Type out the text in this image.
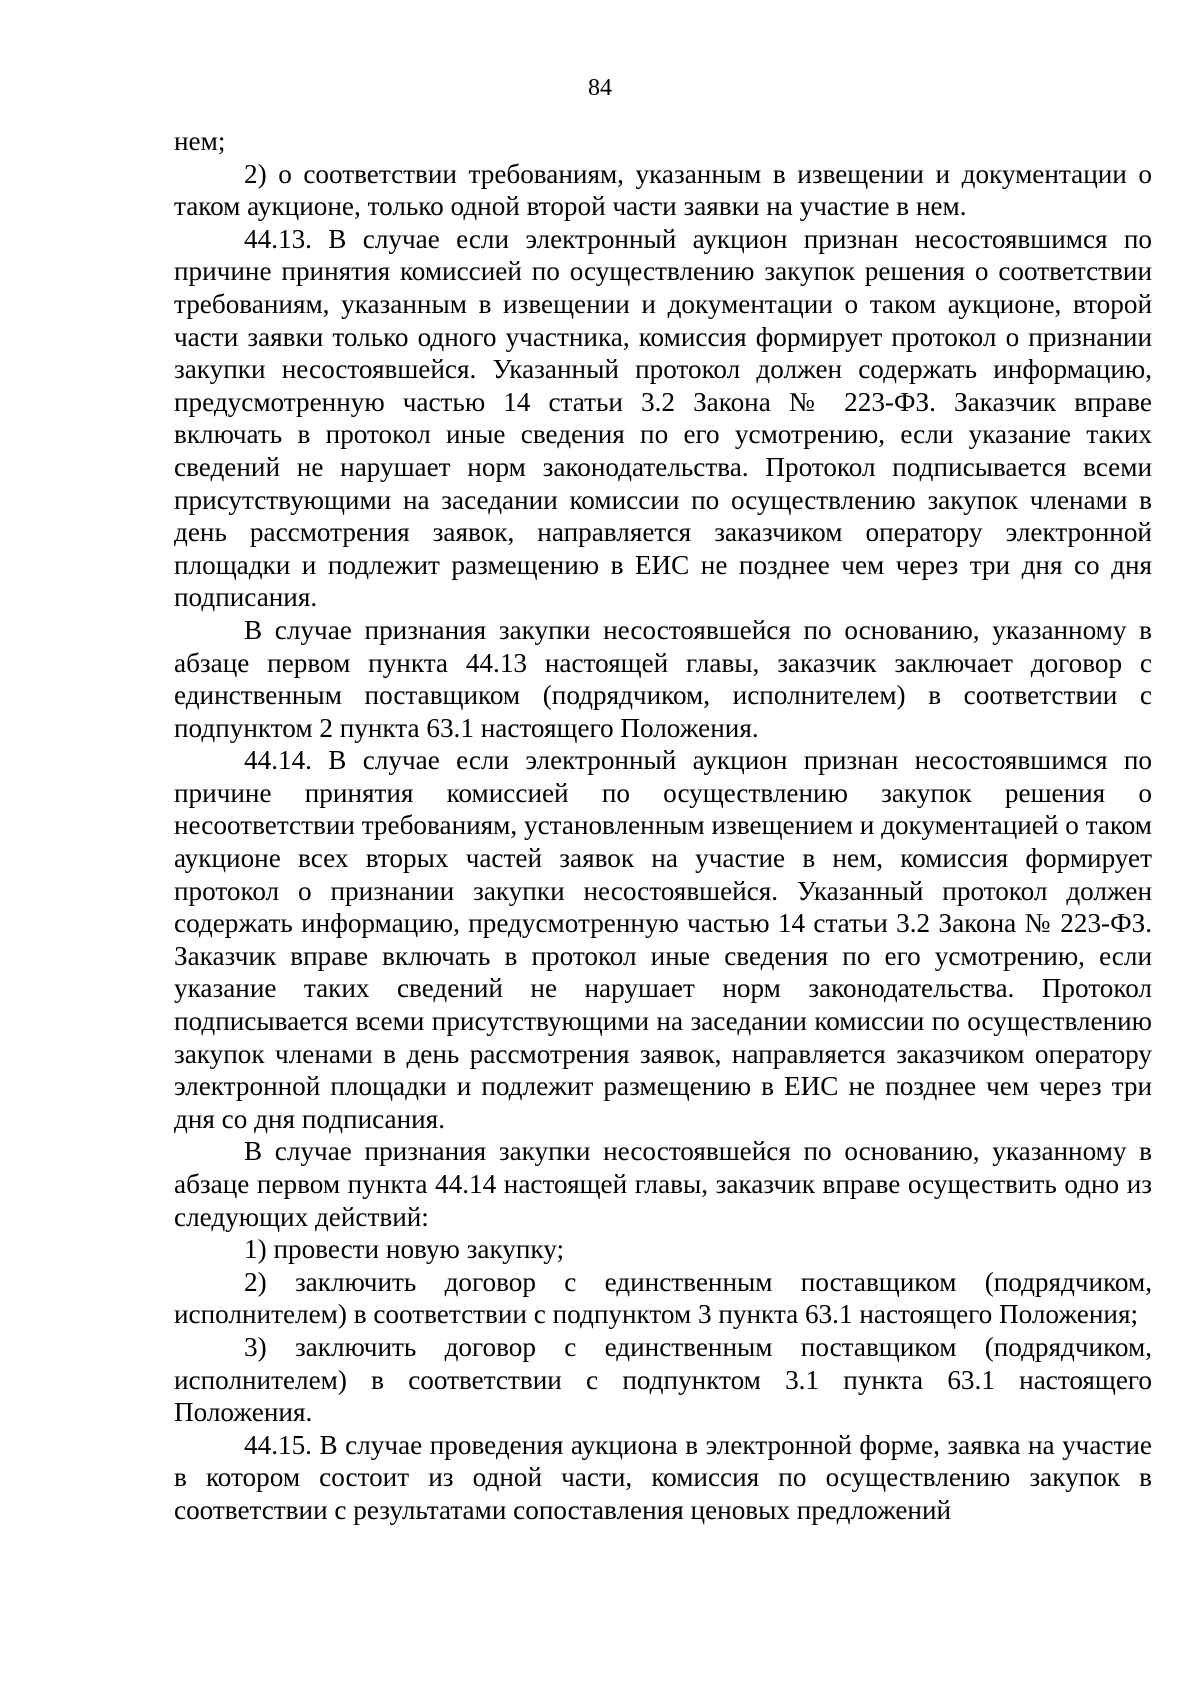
84

нем;

2) о соответствии требованиям, указанным в извещении и документации о таком аукционе, только одной второй части заявки на участие в нем.

44.13. В случае если электронный аукцион признан несостоявшимся по причине принятия комиссией по осуществлению закупок решения о соответствии требованиям, указанным в извещении и документации о таком аукционе, второй части заявки только одного участника, комиссия формирует протокол о признании закупки несостоявшейся. Указанный протокол должен содержать информацию, предусмотренную частью 14 статьи 3.2 Закона № 223-ФЗ. Заказчик вправе включать в протокол иные сведения по его усмотрению, если указание таких сведений не нарушает норм законодательства. Протокол подписывается всеми присутствующими на заседании комиссии по осуществлению закупок членами в день рассмотрения заявок, направляется заказчиком оператору электронной площадки и подлежит размещению в ЕИС не позднее чем через три дня со дня подписания.

В случае признания закупки несостоявшейся по основанию, указанному в абзаце первом пункта 44.13 настоящей главы, заказчик заключает договор с единственным поставщиком (подрядчиком, исполнителем) в соответствии с подпунктом 2 пункта 63.1 настоящего Положения.

44.14. В случае если электронный аукцион признан несостоявшимся по причине принятия комиссией по осуществлению закупок решения о несоответствии требованиям, установленным извещением и документацией о таком аукционе всех вторых частей заявок на участие в нем, комиссия формирует протокол о признании закупки несостоявшейся. Указанный протокол должен содержать информацию, предусмотренную частью 14 статьи 3.2 Закона № 223-ФЗ. Заказчик вправе включать в протокол иные сведения по его усмотрению, если указание таких сведений не нарушает норм законодательства. Протокол подписывается всеми присутствующими на заседании комиссии по осуществлению закупок членами в день рассмотрения заявок, направляется заказчиком оператору электронной площадки и подлежит размещению в ЕИС не позднее чем через три дня со дня подписания.

В случае признания закупки несостоявшейся по основанию, указанному в абзаце первом пункта 44.14 настоящей главы, заказчик вправе осуществить одно из следующих действий:

1) провести новую закупку;

2) заключить договор с единственным поставщиком (подрядчиком, исполнителем) в соответствии с подпунктом 3 пункта 63.1 настоящего Положения;

3) заключить договор с единственным поставщиком (подрядчиком, исполнителем) в соответствии с подпунктом 3.1 пункта 63.1 настоящего Положения.

44.15. В случае проведения аукциона в электронной форме, заявка на участие в котором состоит из одной части, комиссия по осуществлению закупок в соответствии с результатами сопоставления ценовых предложений
